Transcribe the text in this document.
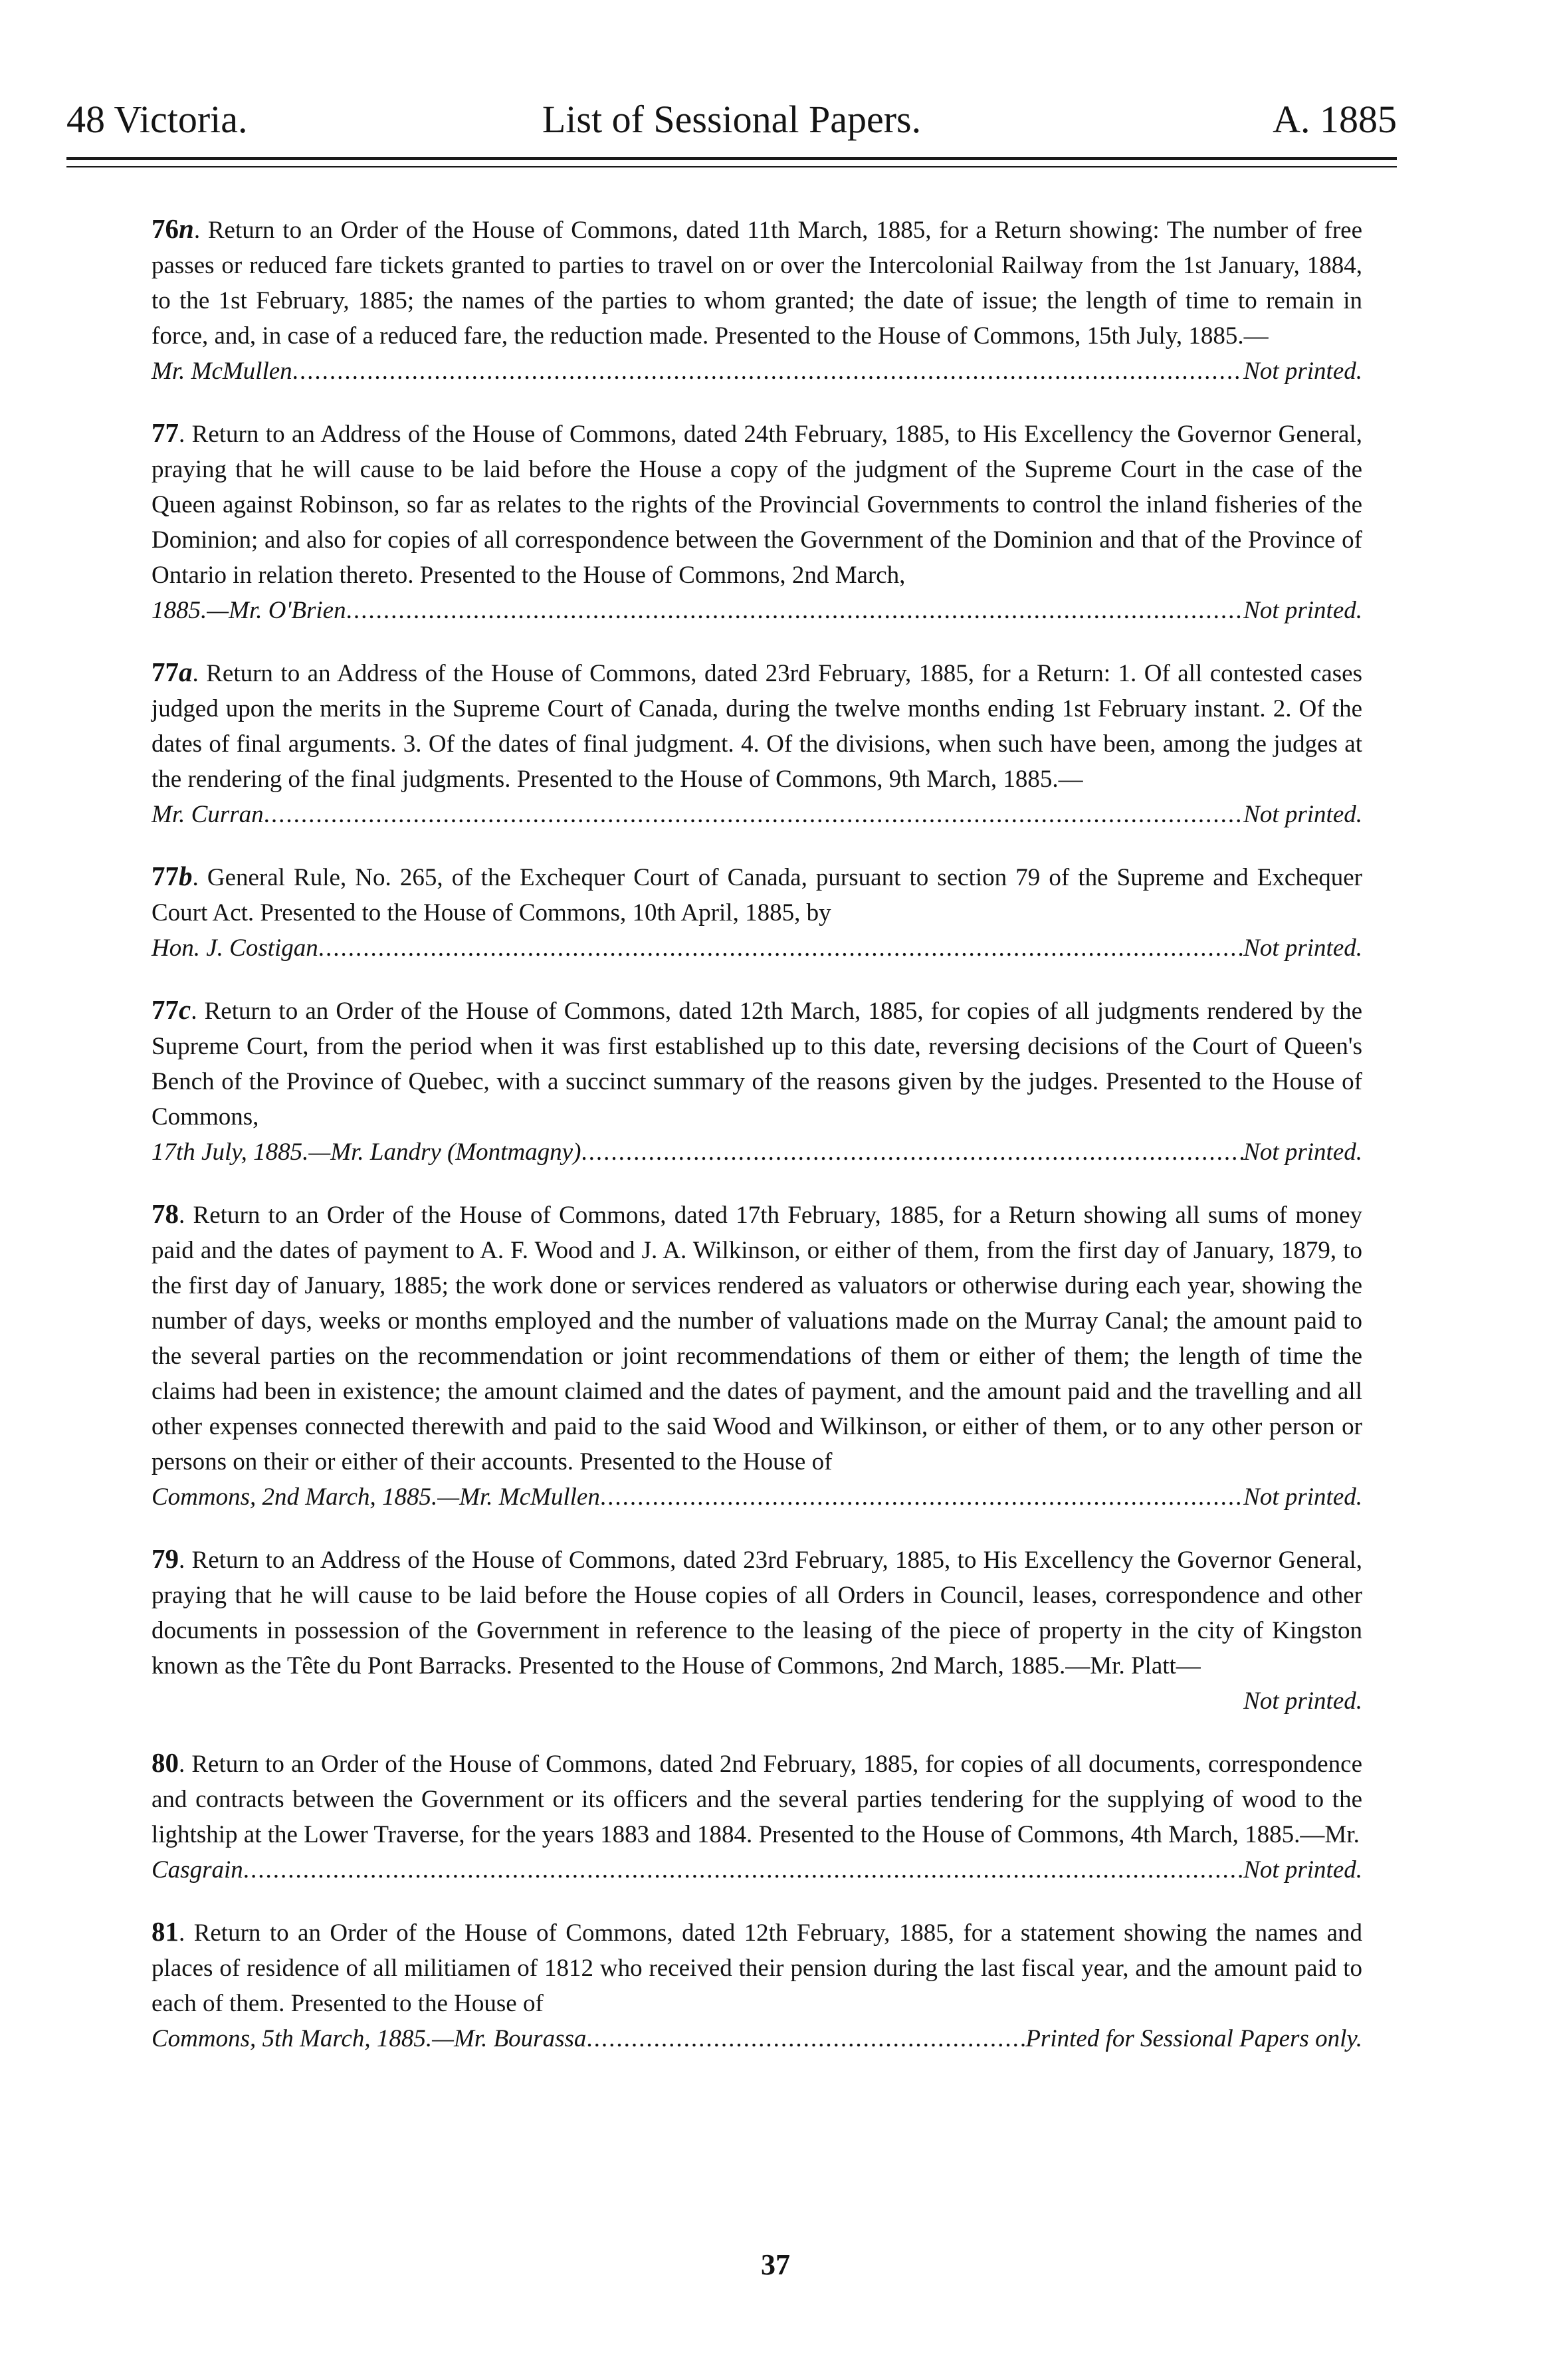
48 Victoria.	List of Sessional Papers.	A. 1885
76n. Return to an Order of the House of Commons, dated 11th March, 1885, for a Return showing: The number of free passes or reduced fare tickets granted to parties to travel on or over the Intercolonial Railway from the 1st January, 1884, to the 1st February, 1885; the names of the parties to whom granted; the date of issue; the length of time to remain in force, and, in case of a reduced fare, the reduction made. Presented to the House of Commons, 15th July, 1885.—
Mr. McMullen .....	Not printed.
77. Return to an Address of the House of Commons, dated 24th February, 1885, to His Excellency the Governor General, praying that he will cause to be laid before the House a copy of the judgment of the Supreme Court in the case of the Queen against Robinson, so far as relates to the rights of the Provincial Governments to control the inland fisheries of the Dominion; and also for copies of all correspondence between the Government of the Dominion and that of the Province of Ontario in relation thereto. Presented to the House of Commons, 2nd March,
1885.—Mr. O'Brien .....	Not printed.
77a. Return to an Address of the House of Commons, dated 23rd February, 1885, for a Return: 1. Of all contested cases judged upon the merits in the Supreme Court of Canada, during the twelve months ending 1st February instant. 2. Of the dates of final arguments. 3. Of the dates of final judgment. 4. Of the divisions, when such have been, among the judges at the rendering of the final judgments. Presented to the House of Commons, 9th March, 1885.—
Mr. Curran .....	Not printed.
77b. General Rule, No. 265, of the Exchequer Court of Canada, pursuant to section 79 of the Supreme and Exchequer Court Act. Presented to the House of Commons, 10th April, 1885, by
Hon. J. Costigan .....	Not printed.
77c. Return to an Order of the House of Commons, dated 12th March, 1885, for copies of all judgments rendered by the Supreme Court, from the period when it was first established up to this date, reversing decisions of the Court of Queen's Bench of the Province of Quebec, with a succinct summary of the reasons given by the judges. Presented to the House of Commons,
17th July, 1885.—Mr. Landry (Montmagny) .....	Not printed.
78. Return to an Order of the House of Commons, dated 17th February, 1885, for a Return showing all sums of money paid and the dates of payment to A. F. Wood and J. A. Wilkinson, or either of them, from the first day of January, 1879, to the first day of January, 1885; the work done or services rendered as valuators or otherwise during each year, showing the number of days, weeks or months employed and the number of valuations made on the Murray Canal; the amount paid to the several parties on the recommendation or joint recommendations of them or either of them; the length of time the claims had been in existence; the amount claimed and the dates of payment, and the amount paid and the travelling and all other expenses connected therewith and paid to the said Wood and Wilkinson, or either of them, or to any other person or persons on their or either of their accounts. Presented to the House of
Commons, 2nd March, 1885.—Mr. McMullen .....	Not printed.
79. Return to an Address of the House of Commons, dated 23rd February, 1885, to His Excellency the Governor General, praying that he will cause to be laid before the House copies of all Orders in Council, leases, correspondence and other documents in possession of the Government in reference to the leasing of the piece of property in the city of Kingston known as the Tête du Pont Barracks. Presented to the House of Commons, 2nd March, 1885.—Mr. Platt—
Not printed.
80. Return to an Order of the House of Commons, dated 2nd February, 1885, for copies of all documents, correspondence and contracts between the Government or its officers and the several parties tendering for the supplying of wood to the lightship at the Lower Traverse, for the years 1883 and 1884. Presented to the House of Commons, 4th March, 1885.—Mr.
Casgrain .....	Not printed.
81. Return to an Order of the House of Commons, dated 12th February, 1885, for a statement showing the names and places of residence of all militiamen of 1812 who received their pension during the last fiscal year, and the amount paid to each of them. Presented to the House of
Commons, 5th March, 1885.—Mr. Bourassa .....	Printed for Sessional Papers only.
37
